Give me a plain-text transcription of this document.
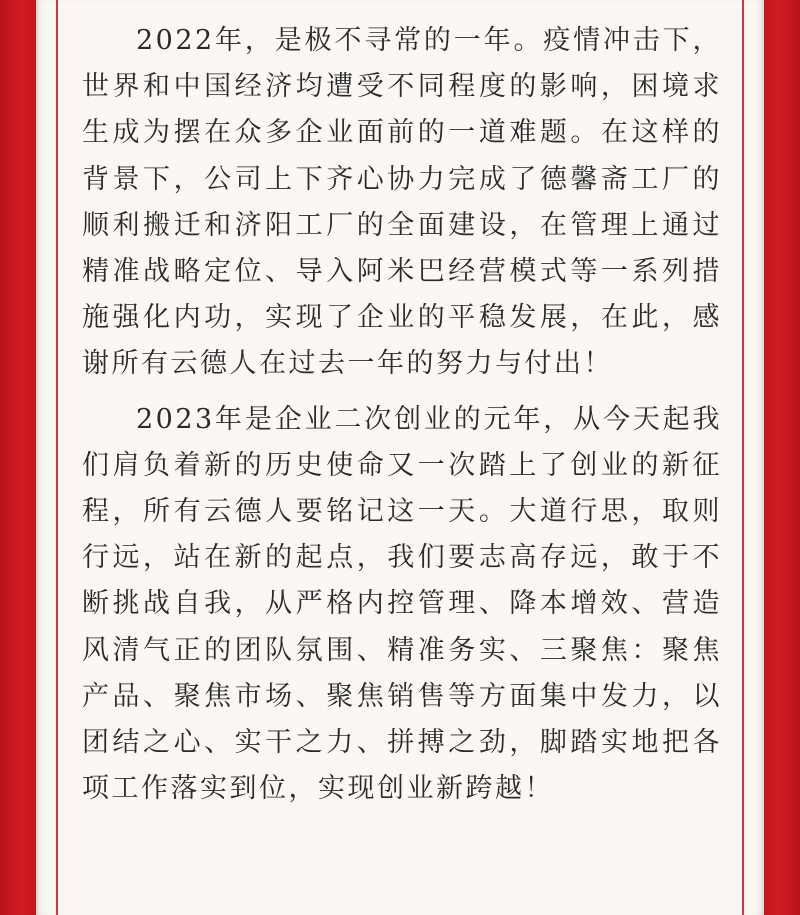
2022年，是极不寻常的一年。疫情冲击下，世界和中国经济均遭受不同程度的影响，困境求生成为摆在众多企业面前的一道难题。在这样的背景下，公司上下齐心协力完成了德馨斋工厂的顺利搬迁和济阳工厂的全面建设，在管理上通过精准战略定位、导入阿米巴经营模式等一系列措施强化内功，实现了企业的平稳发展，在此，感谢所有云德人在过去一年的努力与付出！

2023年是企业二次创业的元年，从今天起我们肩负着新的历史使命又一次踏上了创业的新征程，所有云德人要铭记这一天。大道行思，取则行远，站在新的起点，我们要志高存远，敢于不断挑战自我，从严格内控管理、降本增效、营造风清气正的团队氛围、精准务实、三聚焦：聚焦产品、聚焦市场、聚焦销售等方面集中发力，以团结之心、实干之力、拼搏之劲，脚踏实地把各项工作落实到位，实现创业新跨越！
